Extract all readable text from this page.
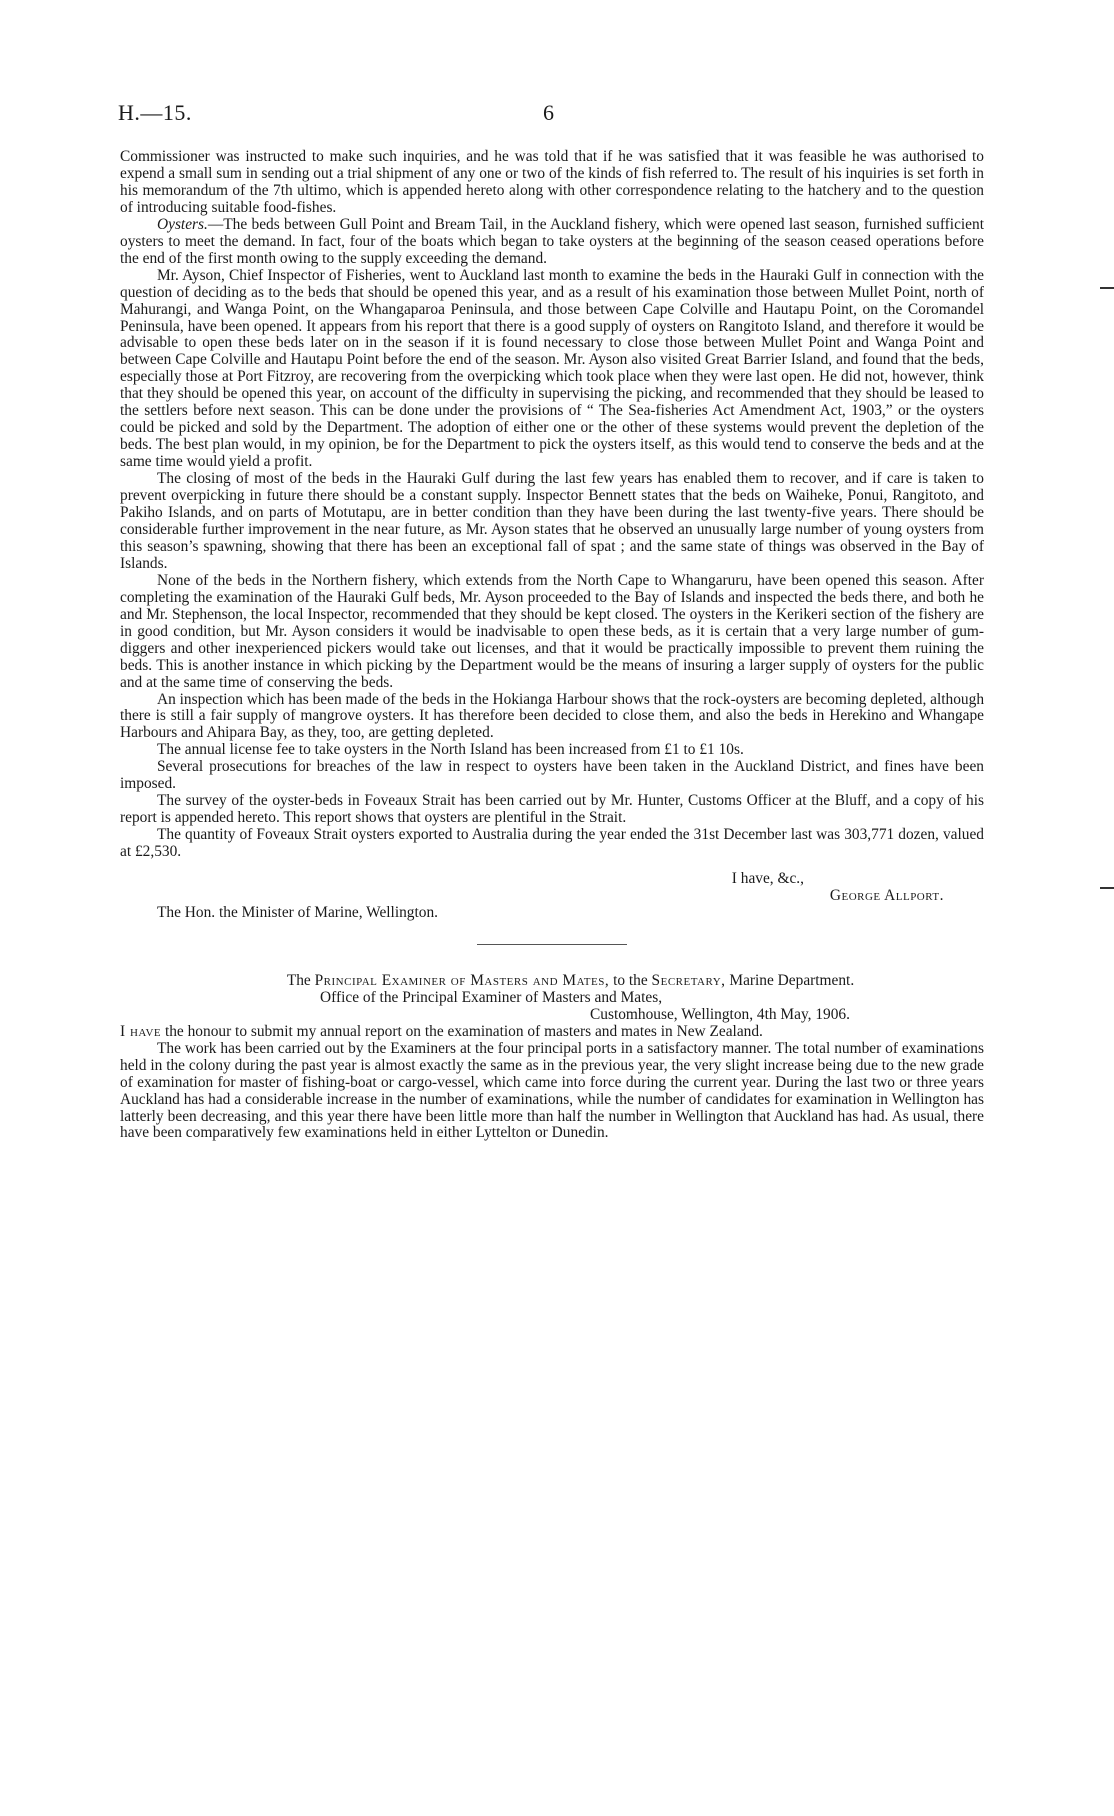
H.—15.	6

Commissioner was instructed to make such inquiries, and he was told that if he was satisfied that it was feasible he was authorised to expend a small sum in sending out a trial shipment of any one or two of the kinds of fish referred to. The result of his inquiries is set forth in his memorandum of the 7th ultimo, which is appended hereto along with other correspondence relating to the hatchery and to the question of introducing suitable food-fishes.

Oysters.—The beds between Gull Point and Bream Tail, in the Auckland fishery, which were opened last season, furnished sufficient oysters to meet the demand. In fact, four of the boats which began to take oysters at the beginning of the season ceased operations before the end of the first month owing to the supply exceeding the demand.

Mr. Ayson, Chief Inspector of Fisheries, went to Auckland last month to examine the beds in the Hauraki Gulf in connection with the question of deciding as to the beds that should be opened this year, and as a result of his examination those between Mullet Point, north of Mahurangi, and Wanga Point, on the Whangaparoa Peninsula, and those between Cape Colville and Hautapu Point, on the Coromandel Peninsula, have been opened. It appears from his report that there is a good supply of oysters on Rangitoto Island, and therefore it would be advisable to open these beds later on in the season if it is found necessary to close those between Mullet Point and Wanga Point and between Cape Colville and Hautapu Point before the end of the season. Mr. Ayson also visited Great Barrier Island, and found that the beds, especially those at Port Fitzroy, are recovering from the overpicking which took place when they were last open. He did not, however, think that they should be opened this year, on account of the difficulty in supervising the picking, and recommended that they should be leased to the settlers before next season. This can be done under the provisions of “ The Sea-fisheries Act Amendment Act, 1903,” or the oysters could be picked and sold by the Department. The adoption of either one or the other of these systems would prevent the depletion of the beds. The best plan would, in my opinion, be for the Department to pick the oysters itself, as this would tend to conserve the beds and at the same time would yield a profit.

The closing of most of the beds in the Hauraki Gulf during the last few years has enabled them to recover, and if care is taken to prevent overpicking in future there should be a constant supply. Inspector Bennett states that the beds on Waiheke, Ponui, Rangitoto, and Pakiho Islands, and on parts of Motutapu, are in better condition than they have been during the last twenty-five years. There should be considerable further improvement in the near future, as Mr. Ayson states that he observed an unusually large number of young oysters from this season’s spawning, showing that there has been an exceptional fall of spat ; and the same state of things was observed in the Bay of Islands.

None of the beds in the Northern fishery, which extends from the North Cape to Whangaruru, have been opened this season. After completing the examination of the Hauraki Gulf beds, Mr. Ayson proceeded to the Bay of Islands and inspected the beds there, and both he and Mr. Stephenson, the local Inspector, recommended that they should be kept closed. The oysters in the Kerikeri section of the fishery are in good condition, but Mr. Ayson considers it would be inadvisable to open these beds, as it is certain that a very large number of gum-diggers and other inexperienced pickers would take out licenses, and that it would be practically impossible to prevent them ruining the beds. This is another instance in which picking by the Department would be the means of insuring a larger supply of oysters for the public and at the same time of conserving the beds.

An inspection which has been made of the beds in the Hokianga Harbour shows that the rock-oysters are becoming depleted, although there is still a fair supply of mangrove oysters. It has therefore been decided to close them, and also the beds in Herekino and Whangape Harbours and Ahipara Bay, as they, too, are getting depleted.

The annual license fee to take oysters in the North Island has been increased from £1 to £1 10s.

Several prosecutions for breaches of the law in respect to oysters have been taken in the Auckland District, and fines have been imposed.

The survey of the oyster-beds in Foveaux Strait has been carried out by Mr. Hunter, Customs Officer at the Bluff, and a copy of his report is appended hereto. This report shows that oysters are plentiful in the Strait.

The quantity of Foveaux Strait oysters exported to Australia during the year ended the 31st December last was 303,771 dozen, valued at £2,530.

I have, &c.,
George Allport.

The Hon. the Minister of Marine, Wellington.

The Principal Examiner of Masters and Mates, to the Secretary, Marine Department.

Office of the Principal Examiner of Masters and Mates,
Customhouse, Wellington, 4th May, 1906.

I have the honour to submit my annual report on the examination of masters and mates in New Zealand.

The work has been carried out by the Examiners at the four principal ports in a satisfactory manner. The total number of examinations held in the colony during the past year is almost exactly the same as in the previous year, the very slight increase being due to the new grade of examination for master of fishing-boat or cargo-vessel, which came into force during the current year. During the last two or three years Auckland has had a considerable increase in the number of examinations, while the number of candidates for examination in Wellington has latterly been decreasing, and this year there have been little more than half the number in Wellington that Auckland has had. As usual, there have been comparatively few examinations held in either Lyttelton or Dunedin.
